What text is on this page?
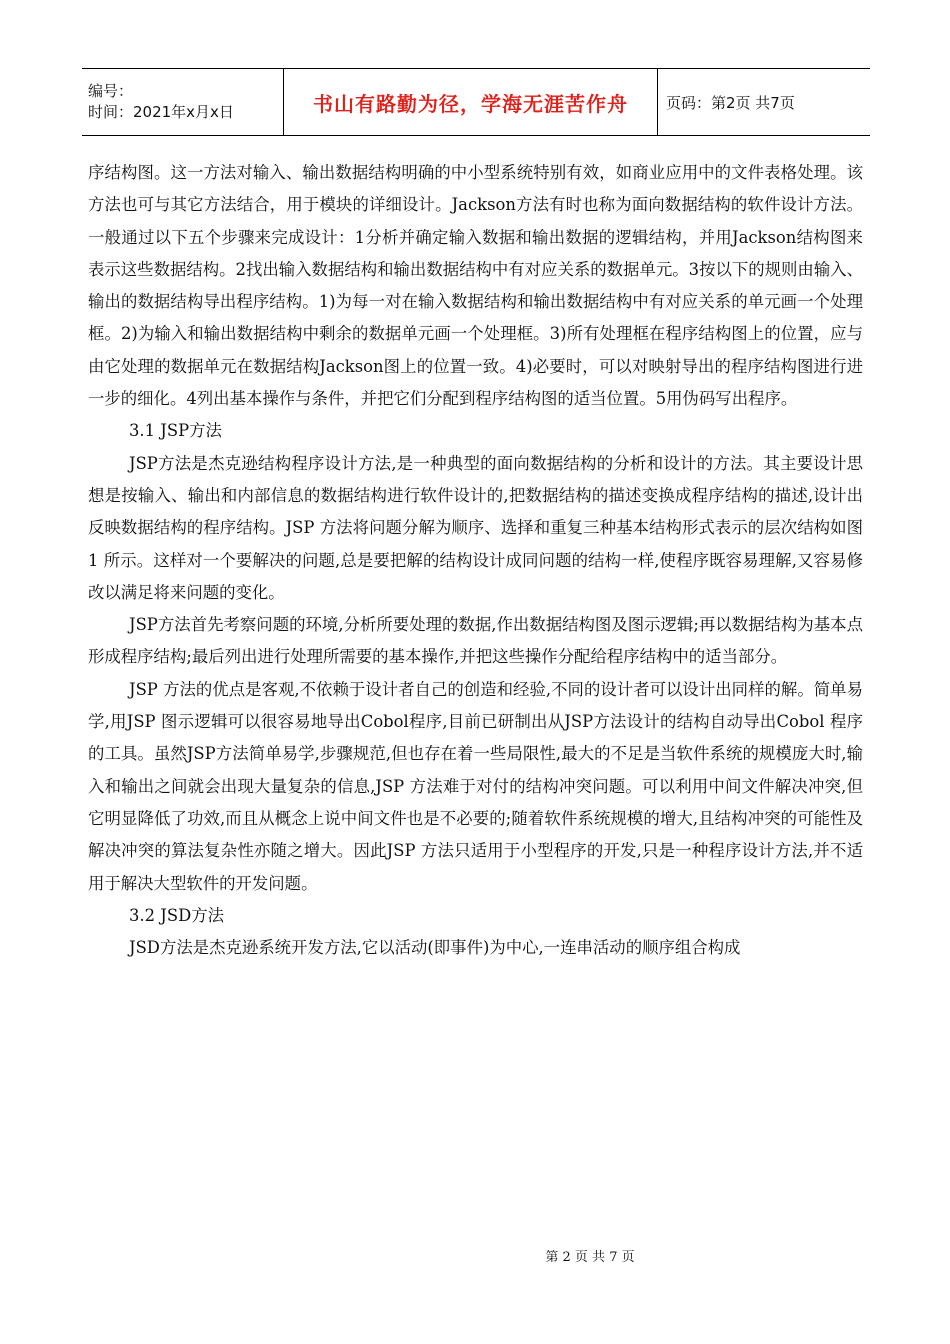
编号：
时间：2021年x月x日	书山有路勤为径，学海无涯苦作舟	页码：第2页 共7页

序结构图。这一方法对输入、输出数据结构明确的中小型系统特别有效，如商业应用中的文件表格处理。该方法也可与其它方法结合，用于模块的详细设计。Jackson方法有时也称为面向数据结构的软件设计方法。一般通过以下五个步骤来完成设计：1分析并确定输入数据和输出数据的逻辑结构，并用Jackson结构图来表示这些数据结构。2找出输入数据结构和输出数据结构中有对应关系的数据单元。3按以下的规则由输入、输出的数据结构导出程序结构。1)为每一对在输入数据结构和输出数据结构中有对应关系的单元画一个处理框。2)为输入和输出数据结构中剩余的数据单元画一个处理框。3)所有处理框在程序结构图上的位置，应与由它处理的数据单元在数据结构Jackson图上的位置一致。4)必要时，可以对映射导出的程序结构图进行进一步的细化。4列出基本操作与条件，并把它们分配到程序结构图的适当位置。5用伪码写出程序。

3.1 JSP方法

JSP方法是杰克逊结构程序设计方法,是一种典型的面向数据结构的分析和设计的方法。其主要设计思想是按输入、输出和内部信息的数据结构进行软件设计的,把数据结构的描述变换成程序结构的描述,设计出反映数据结构的程序结构。JSP 方法将问题分解为顺序、选择和重复三种基本结构形式表示的层次结构如图1 所示。这样对一个要解决的问题,总是要把解的结构设计成同问题的结构一样,使程序既容易理解,又容易修改以满足将来问题的变化。

JSP方法首先考察问题的环境,分析所要处理的数据,作出数据结构图及图示逻辑;再以数据结构为基本点形成程序结构;最后列出进行处理所需要的基本操作,并把这些操作分配给程序结构中的适当部分。

JSP 方法的优点是客观,不依赖于设计者自己的创造和经验,不同的设计者可以设计出同样的解。简单易学,用JSP 图示逻辑可以很容易地导出Cobol程序,目前已研制出从JSP方法设计的结构自动导出Cobol 程序的工具。虽然JSP方法简单易学,步骤规范,但也存在着一些局限性,最大的不足是当软件系统的规模庞大时,输入和输出之间就会出现大量复杂的信息,JSP 方法难于对付的结构冲突问题。可以利用中间文件解决冲突,但它明显降低了功效,而且从概念上说中间文件也是不必要的;随着软件系统规模的增大,且结构冲突的可能性及解决冲突的算法复杂性亦随之增大。因此JSP 方法只适用于小型程序的开发,只是一种程序设计方法,并不适用于解决大型软件的开发问题。

3.2 JSD方法

JSD方法是杰克逊系统开发方法,它以活动(即事件)为中心,一连串活动的顺序组合构成

第 2 页 共 7 页
